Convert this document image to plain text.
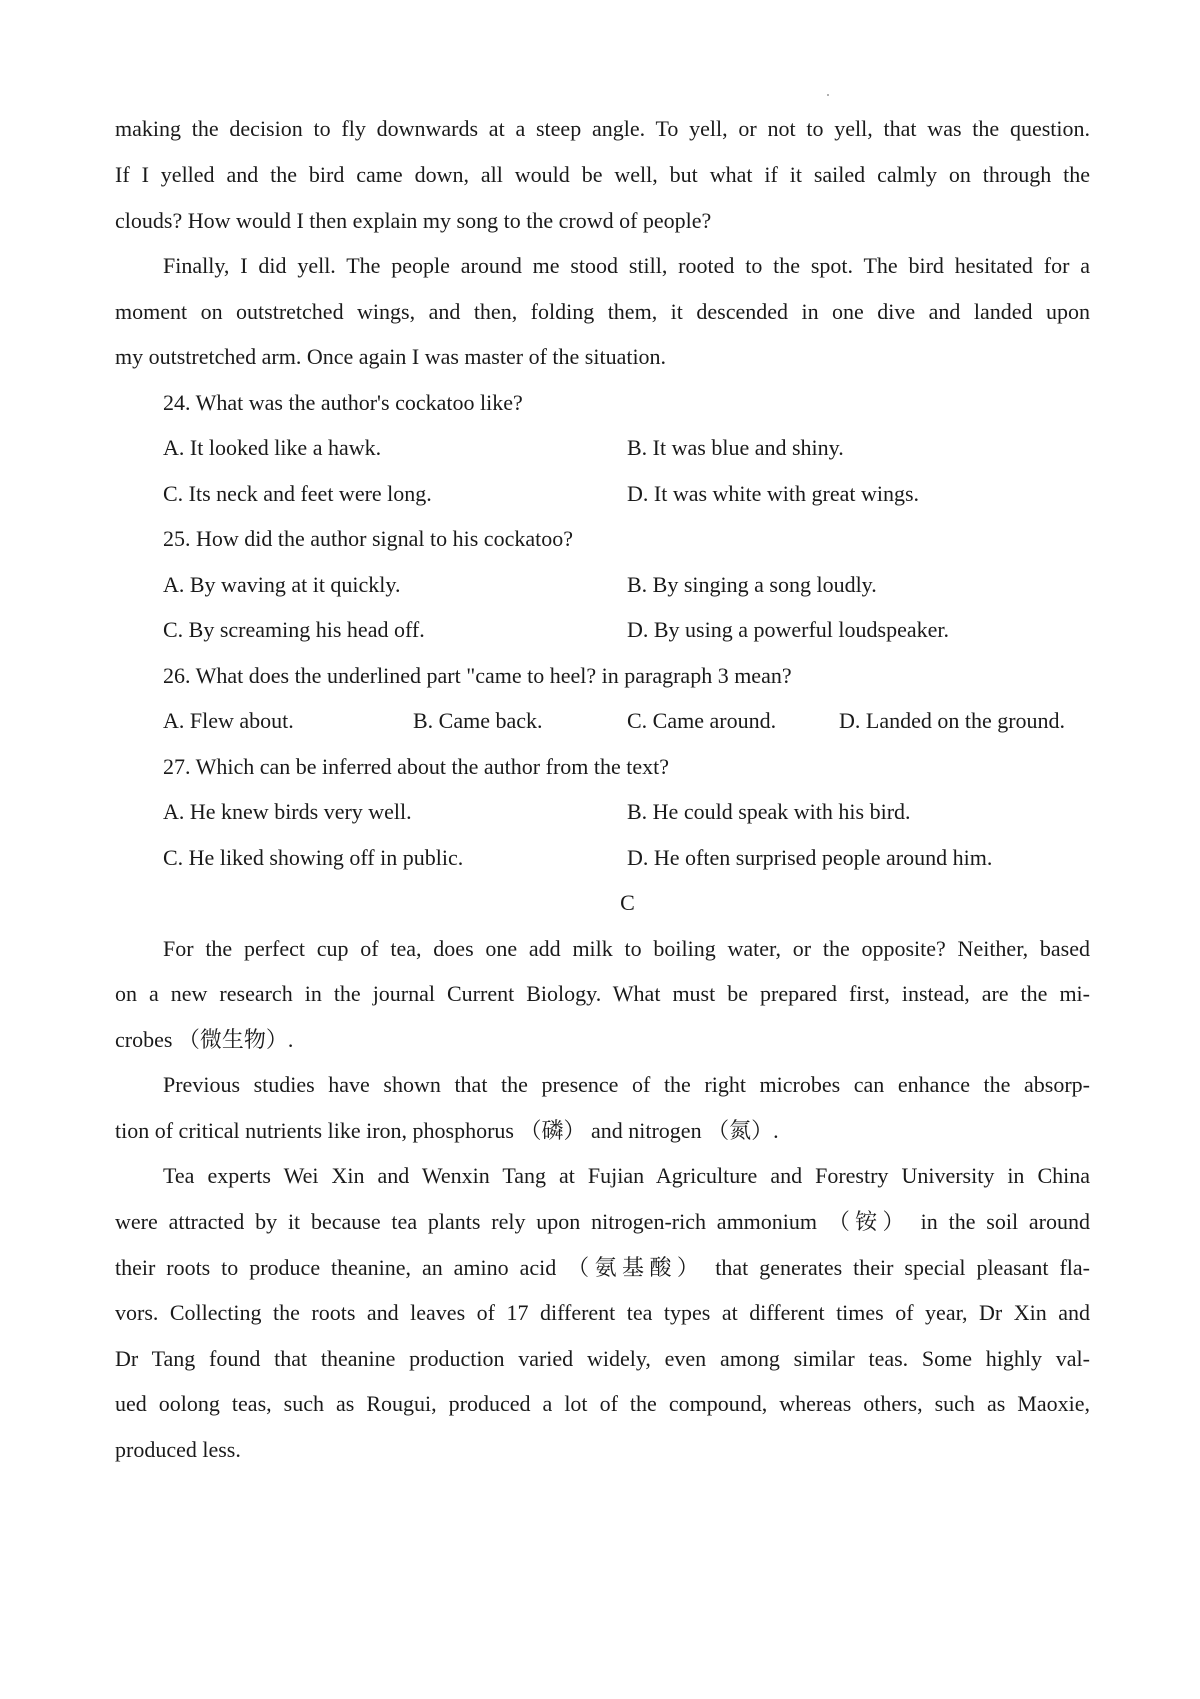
making the decision to fly downwards at a steep angle. To yell, or not to yell, that was the question.
If I yelled and the bird came down, all would be well, but what if it sailed calmly on through the
clouds? How would I then explain my song to the crowd of people?
Finally, I did yell. The people around me stood still, rooted to the spot. The bird hesitated for a
moment on outstretched wings, and then, folding them, it descended in one dive and landed upon
my outstretched arm. Once again I was master of the situation.
24. What was the author's cockatoo like?
A. It looked like a hawk.	B. It was blue and shiny.
C. Its neck and feet were long.	D. It was white with great wings.
25. How did the author signal to his cockatoo?
A. By waving at it quickly.	B. By singing a song loudly.
C. By screaming his head off.	D. By using a powerful loudspeaker.
26. What does the underlined part "came to heel? in paragraph 3 mean?
A. Flew about.	B. Came back.	C. Came around.	D. Landed on the ground.
27. Which can be inferred about the author from the text?
A. He knew birds very well.	B. He could speak with his bird.
C. He liked showing off in public.	D. He often surprised people around him.
C
For the perfect cup of tea, does one add milk to boiling water, or the opposite? Neither, based
on a new research in the journal Current Biology. What must be prepared first, instead, are the mi-
crobes （微生物）.
Previous studies have shown that the presence of the right microbes can enhance the absorp-
tion of critical nutrients like iron, phosphorus （磷） and nitrogen （氮）.
Tea experts Wei Xin and Wenxin Tang at Fujian Agriculture and Forestry University in China
were attracted by it because tea plants rely upon nitrogen-rich ammonium （铵） in the soil around
their roots to produce theanine, an amino acid （氨基酸） that generates their special pleasant fla-
vors. Collecting the roots and leaves of 17 different tea types at different times of year, Dr Xin and
Dr Tang found that theanine production varied widely, even among similar teas. Some highly val-
ued oolong teas, such as Rougui, produced a lot of the compound, whereas others, such as Maoxie,
produced less.
